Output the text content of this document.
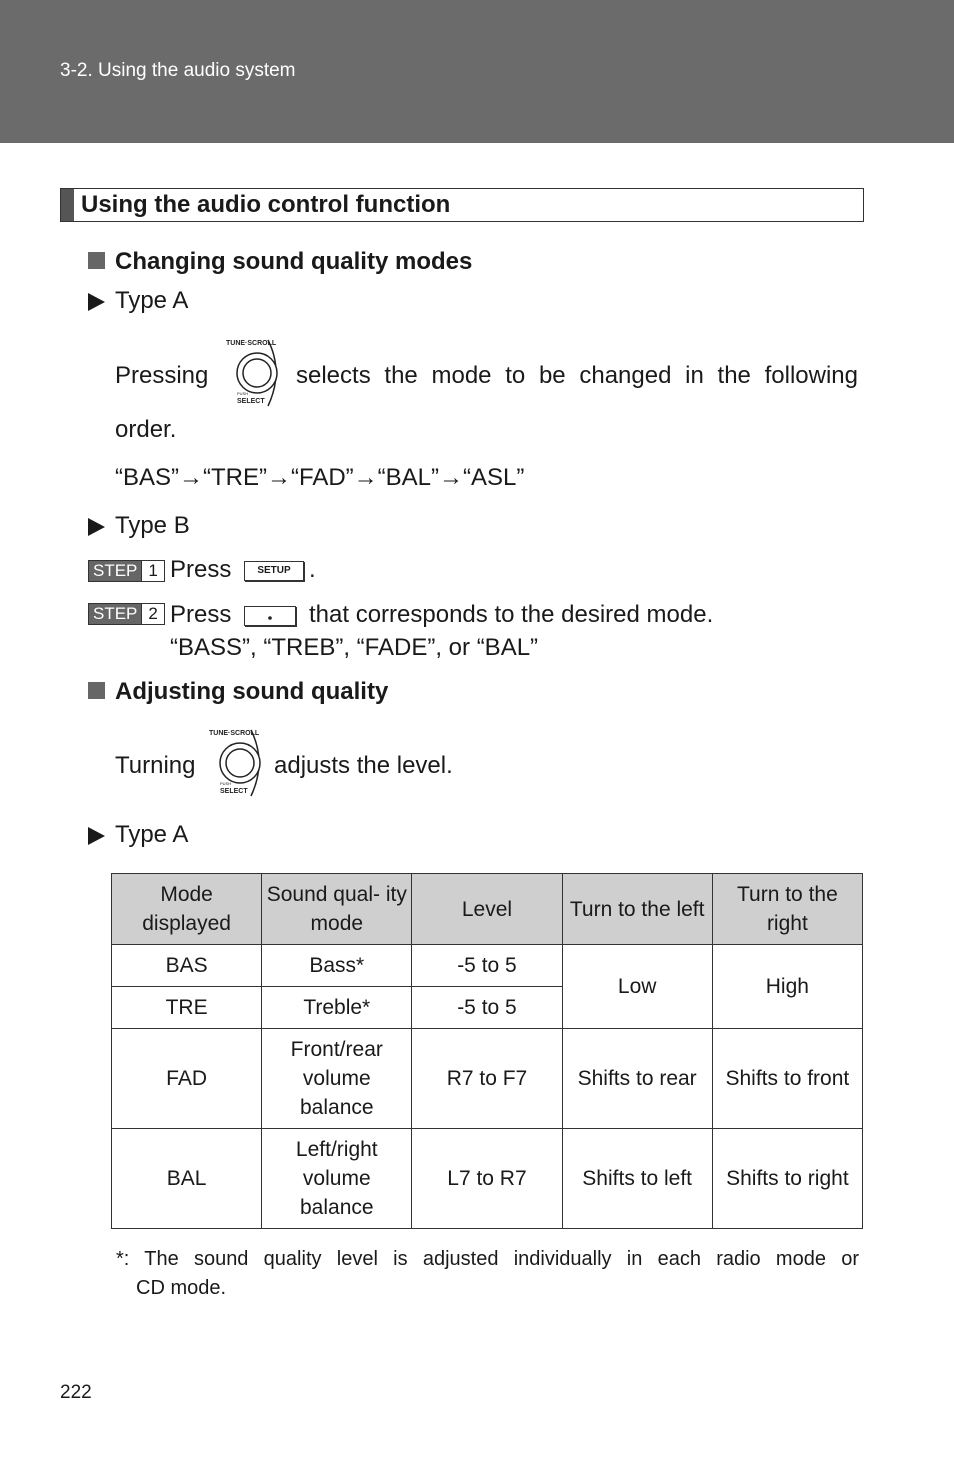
3-2. Using the audio system
Using the audio control function
Changing sound quality modes
Type A
Pressing
TUNE·SCROLL
PUSH
SELECT
selects the mode to be changed in the following
order.
“BAS”→“TRE”→“FAD”→“BAL”→“ASL”
Type B
STEP 1 Press	SETUP .
STEP 2 Press	that corresponds to the desired mode.
“BASS”, “TREB”, “FADE”, or “BAL”
Adjusting sound quality
Turning
TUNE·SCROLL
PUSH
SELECT
adjusts the level.
Type A
Mode displayed	Sound qual- ity mode	Level	Turn to the left	Turn to the right
BAS	Bass*	-5 to 5	Low	High
TRE	Treble*	-5 to 5		
FAD	Front/rear volume balance	R7 to F7	Shifts to rear	Shifts to front
BAL	Left/right volume balance	L7 to R7	Shifts to left	Shifts to right
*: The sound quality level is adjusted individually in each radio mode or
CD mode.
222
